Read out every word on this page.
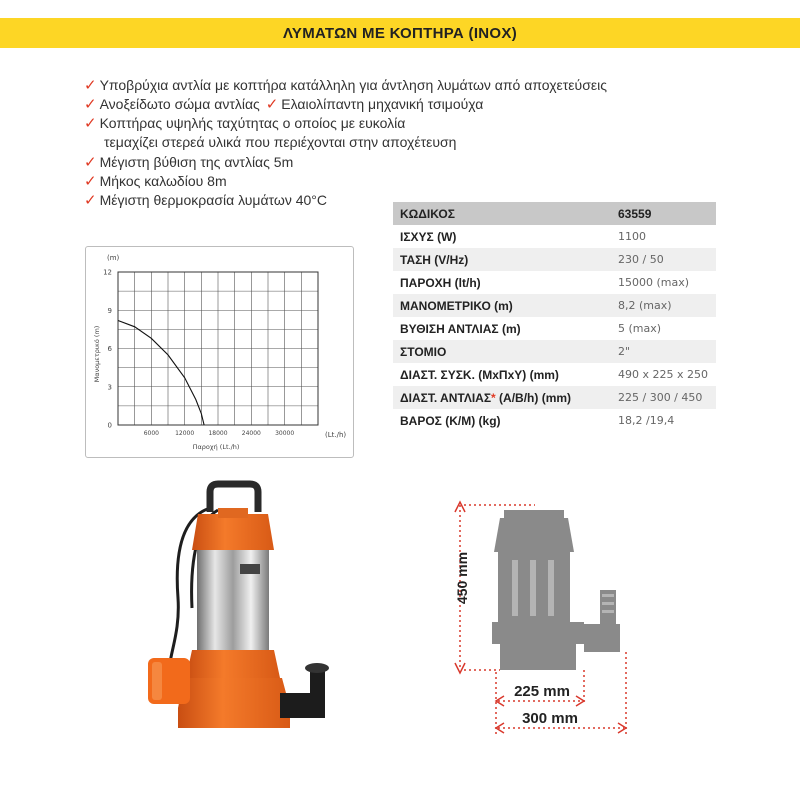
ΛΥΜΑΤΩΝ ΜΕ ΚΟΠΤΗΡΑ (INOX)
✓ Υποβρύχια αντλία με κοπτήρα κατάλληλη για άντληση λυμάτων από αποχετεύσεις
✓ Ανοξείδωτο σώμα αντλίας ✓ Ελαιολίπαντη μηχανική τσιμούχα
✓ Κοπτήρας υψηλής ταχύτητας ο οποίος με ευκολία
τεμαχίζει στερεά υλικά που περιέχονται στην αποχέτευση
✓ Μέγιστη βύθιση της αντλίας 5m
✓ Μήκος καλωδίου 8m
✓ Μέγιστη θερμοκρασία λυμάτων 40°C
ΚΩΔΙΚΟΣ	63559
ΙΣΧΥΣ (W)	1100
ΤΑΣΗ (V/Hz)	230 / 50
ΠΑΡΟΧΗ (lt/h)	15000 (max)
ΜΑΝΟΜΕΤΡΙΚΟ (m)	8,2 (max)
ΒΥΘΙΣΗ ΑΝΤΛΙΑΣ (m)	5 (max)
ΣΤΟΜΙΟ	2"
ΔΙΑΣΤ. ΣΥΣΚ. (ΜxΠxΥ) (mm)	490 x 225 x 250
ΔΙΑΣΤ. ΑΝΤΛΙΑΣ* (A/B/h) (mm)	225 / 300 / 450
ΒΑΡΟΣ (Κ/Μ) (kg)	18,2 /19,4
0
3
6
9
12
6000	12000 18000 24000 30000
(m)
(Lt./h)
Παροχή (Lt./h)
Μανομετρικό (m)
450 mm
225 mm
300 mm
